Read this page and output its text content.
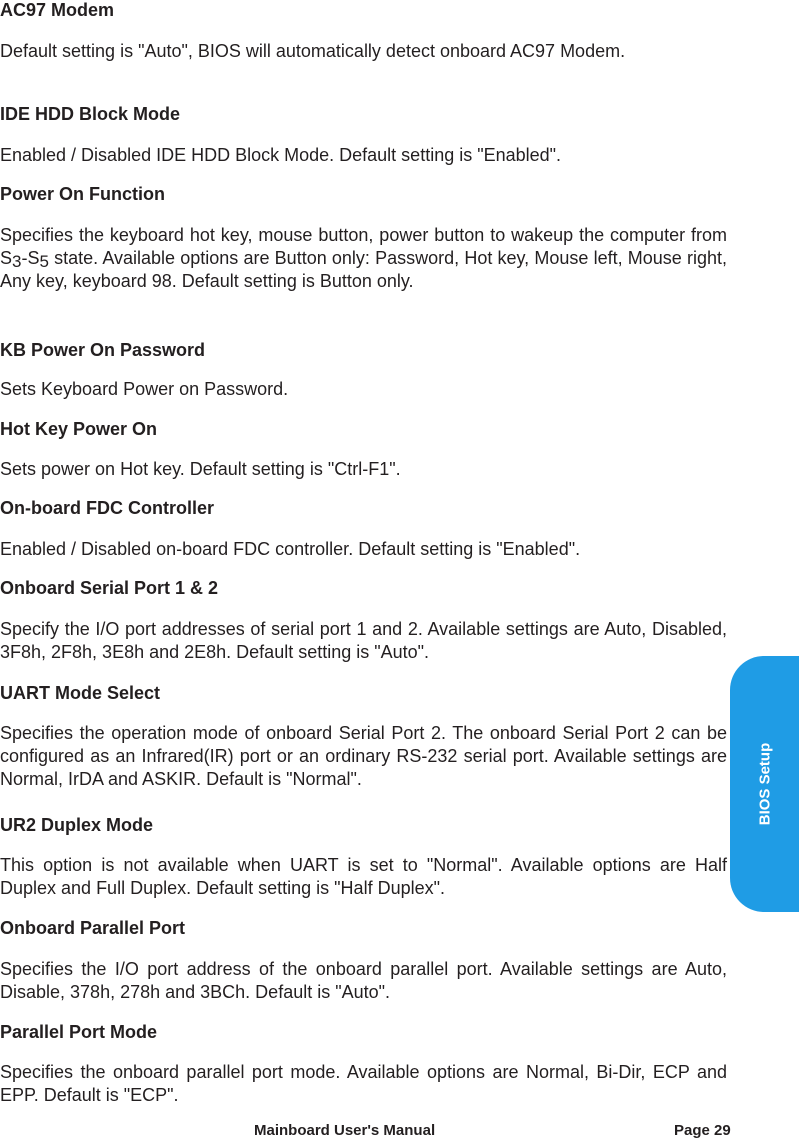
AC97 Modem
Default setting is "Auto", BIOS will automatically detect onboard AC97 Modem.
IDE HDD Block Mode
Enabled / Disabled IDE HDD Block Mode. Default setting is "Enabled".
Power On Function
Specifies the keyboard hot key, mouse button, power button to wakeup the computer from S3-S5 state. Available options are Button only: Password, Hot key, Mouse left, Mouse right, Any key, keyboard 98. Default setting is Button only.
KB Power On Password
Sets Keyboard Power on Password.
Hot Key Power On
Sets power on Hot key. Default setting is "Ctrl-F1".
On-board FDC Controller
Enabled / Disabled on-board FDC controller. Default setting is "Enabled".
Onboard Serial Port 1 & 2
Specify the I/O port addresses of serial port 1 and 2. Available settings are Auto, Disabled, 3F8h, 2F8h, 3E8h and 2E8h. Default setting is "Auto".
UART Mode Select
Specifies the operation mode of onboard Serial Port 2. The onboard Serial Port 2 can be configured as an Infrared(IR) port or an ordinary RS-232 serial port. Available settings are Normal, IrDA and ASKIR. Default is "Normal".
UR2 Duplex Mode
This option is not available when UART is set to "Normal". Available options are Half Duplex and Full Duplex. Default setting is "Half Duplex".
Onboard Parallel Port
Specifies the I/O port address of the onboard parallel port. Available settings are Auto, Disable, 378h, 278h and 3BCh. Default is "Auto".
Parallel Port Mode
Specifies the onboard parallel port mode. Available options are Normal, Bi-Dir, ECP and EPP. Default is "ECP".
BIOS Setup
Mainboard User's Manual	Page 29
